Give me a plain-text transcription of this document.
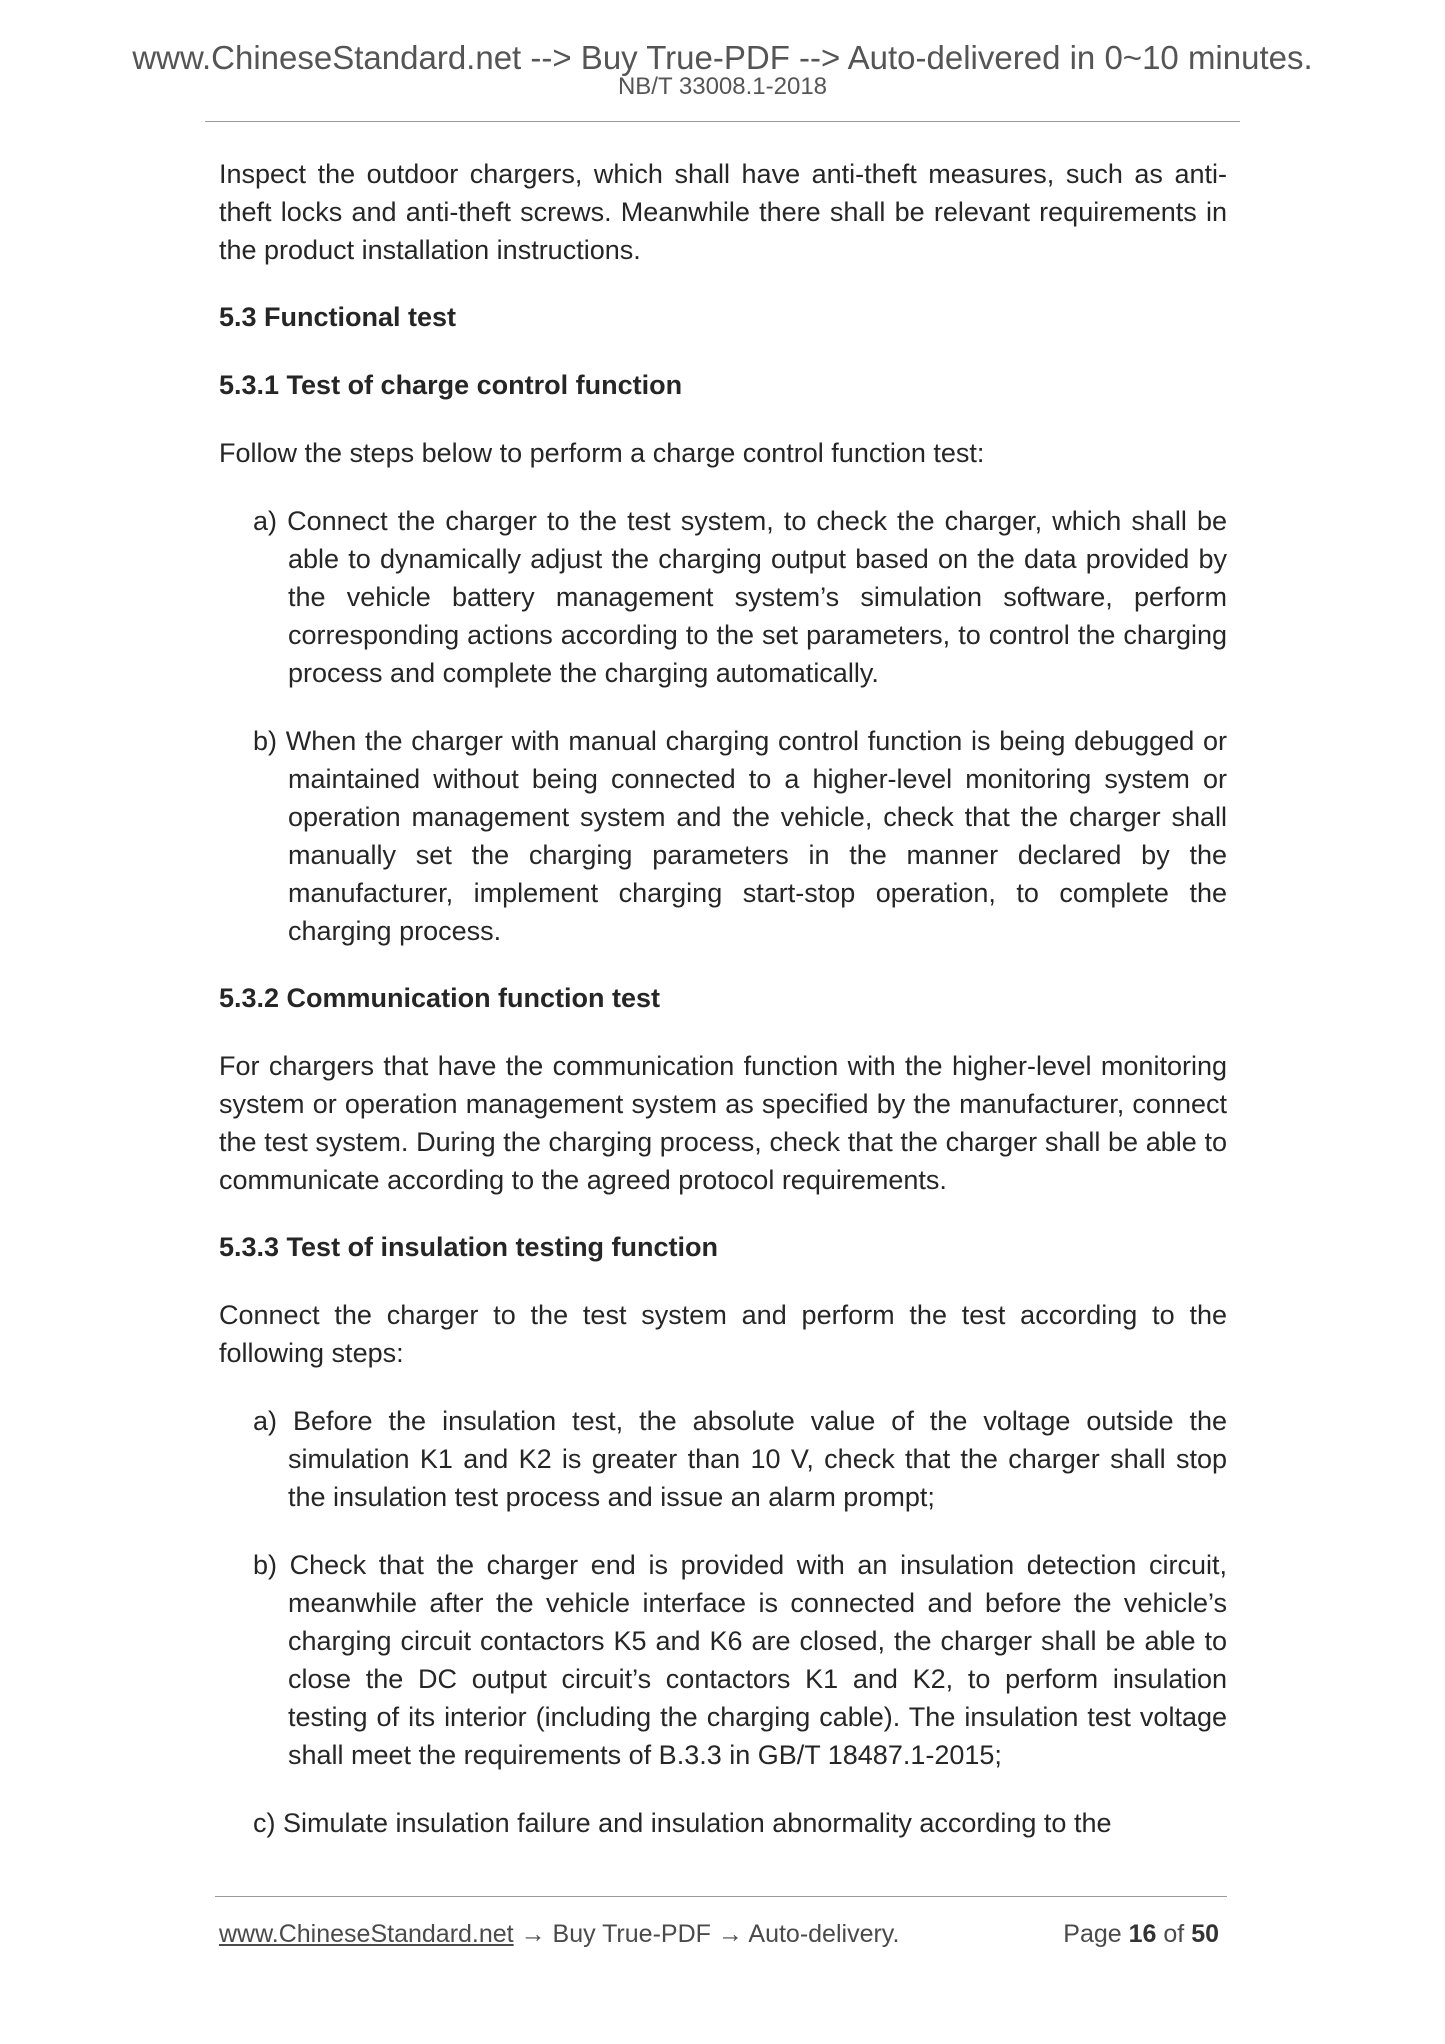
www.ChineseStandard.net --> Buy True-PDF --> Auto-delivered in 0~10 minutes.
NB/T 33008.1-2018

Inspect the outdoor chargers, which shall have anti-theft measures, such as anti-theft locks and anti-theft screws. Meanwhile there shall be relevant requirements in the product installation instructions.

5.3 Functional test

5.3.1 Test of charge control function

Follow the steps below to perform a charge control function test:

a) Connect the charger to the test system, to check the charger, which shall be able to dynamically adjust the charging output based on the data provided by the vehicle battery management system’s simulation software, perform corresponding actions according to the set parameters, to control the charging process and complete the charging automatically.

b) When the charger with manual charging control function is being debugged or maintained without being connected to a higher-level monitoring system or operation management system and the vehicle, check that the charger shall manually set the charging parameters in the manner declared by the manufacturer, implement charging start-stop operation, to complete the charging process.

5.3.2 Communication function test

For chargers that have the communication function with the higher-level monitoring system or operation management system as specified by the manufacturer, connect the test system. During the charging process, check that the charger shall be able to communicate according to the agreed protocol requirements.

5.3.3 Test of insulation testing function

Connect the charger to the test system and perform the test according to the following steps:

a) Before the insulation test, the absolute value of the voltage outside the simulation K1 and K2 is greater than 10 V, check that the charger shall stop the insulation test process and issue an alarm prompt;

b) Check that the charger end is provided with an insulation detection circuit, meanwhile after the vehicle interface is connected and before the vehicle’s charging circuit contactors K5 and K6 are closed, the charger shall be able to close the DC output circuit’s contactors K1 and K2, to perform insulation testing of its interior (including the charging cable). The insulation test voltage shall meet the requirements of B.3.3 in GB/T 18487.1-2015;

c) Simulate insulation failure and insulation abnormality according to the

www.ChineseStandard.net → Buy True-PDF → Auto-delivery.	Page 16 of 50
